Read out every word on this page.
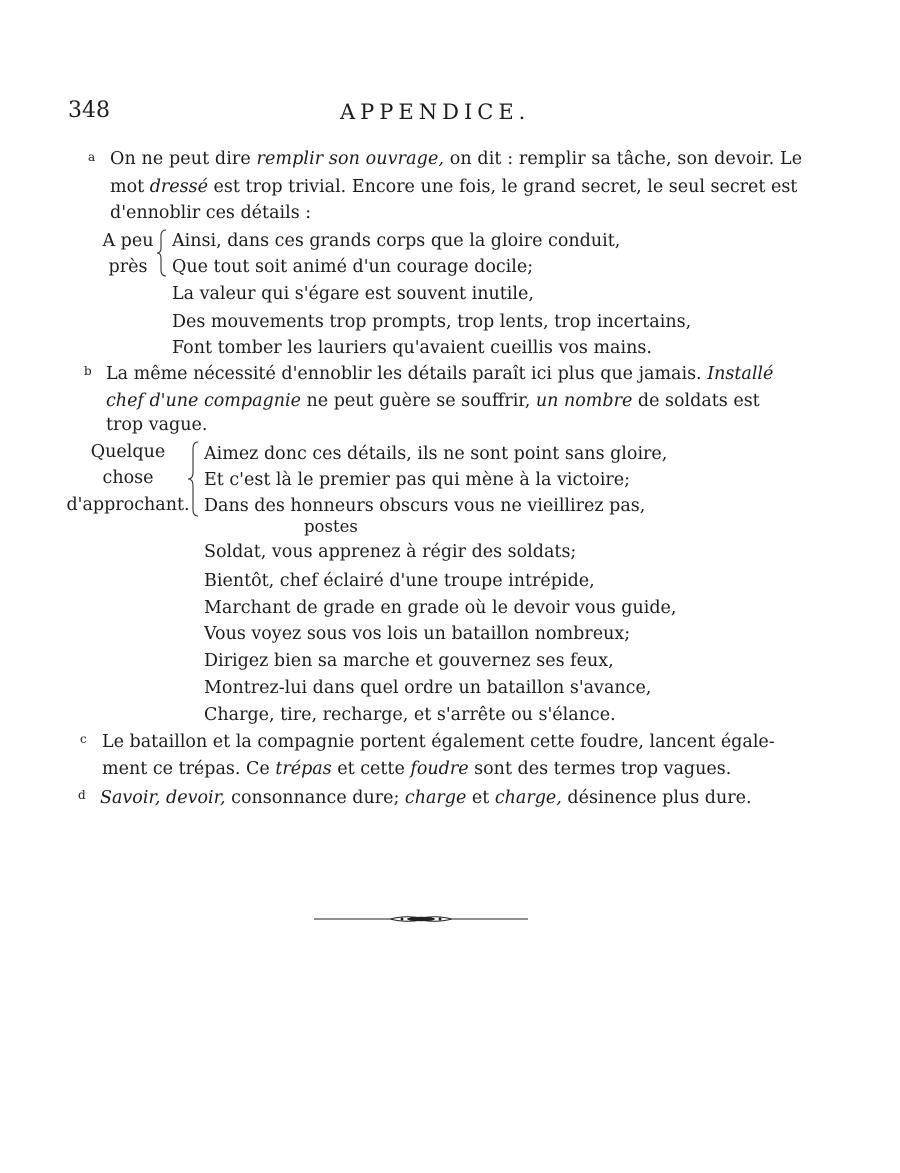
348	APPENDICE.
a On ne peut dire remplir son ouvrage, on dit : remplir sa tâche, son devoir. Le
mot dressé est trop trivial. Encore une fois, le grand secret, le seul secret est
d'ennoblir ces détails :
A peu
près
Ainsi, dans ces grands corps que la gloire conduit,
Que tout soit animé d'un courage docile;
La valeur qui s'égare est souvent inutile,
Des mouvements trop prompts, trop lents, trop incertains,
Font tomber les lauriers qu'avaient cueillis vos mains.
b La même nécessité d'ennoblir les détails paraît ici plus que jamais. Installé
chef d'une compagnie ne peut guère se souffrir, un nombre de soldats est
trop vague.
Quelque
chose
d'approchant.
Aimez donc ces détails, ils ne sont point sans gloire,
Et c'est là le premier pas qui mène à la victoire;
Dans des honneurs obscurs vous ne vieillirez pas,
postes
Soldat, vous apprenez à régir des soldats;
Bientôt, chef éclairé d'une troupe intrépide,
Marchant de grade en grade où le devoir vous guide,
Vous voyez sous vos lois un bataillon nombreux;
Dirigez bien sa marche et gouvernez ses feux,
Montrez-lui dans quel ordre un bataillon s'avance,
Charge, tire, recharge, et s'arrête ou s'élance.
c Le bataillon et la compagnie portent également cette foudre, lancent égale-
ment ce trépas. Ce trépas et cette foudre sont des termes trop vagues.
d Savoir, devoir, consonnance dure; charge et charge, désinence plus dure.
